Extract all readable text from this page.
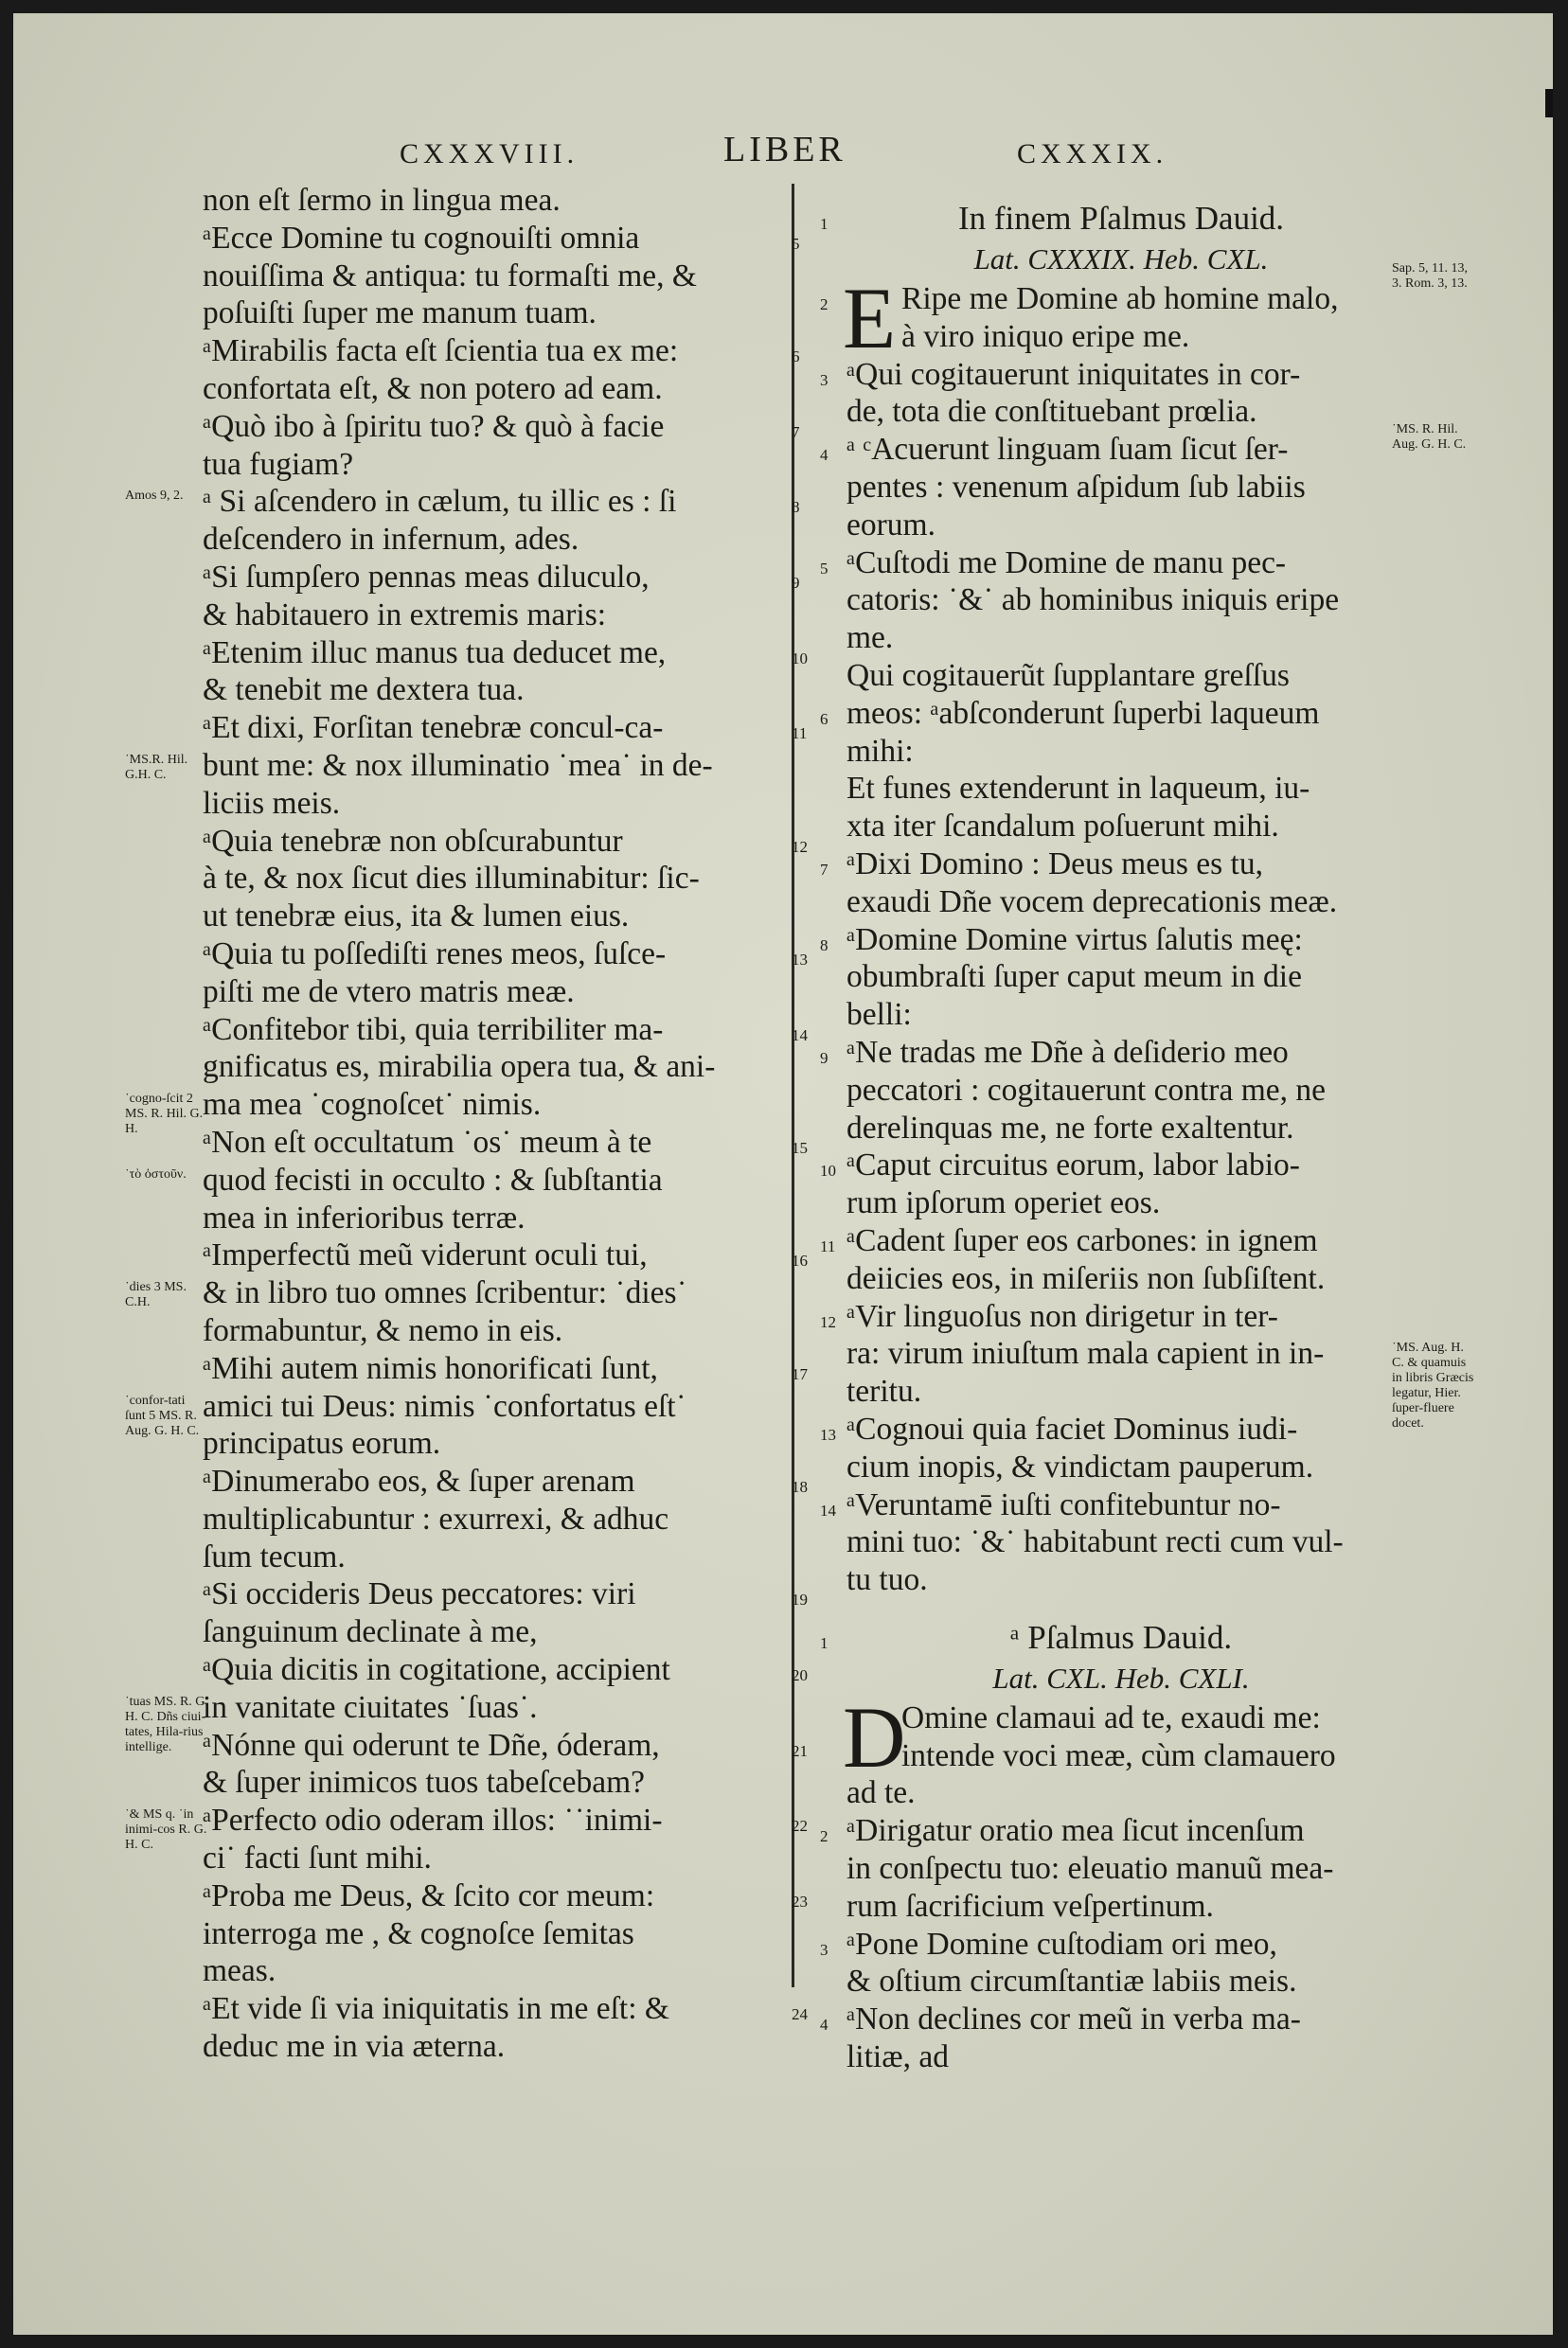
CXXXVIII.	LIBER	CXXXIX.
non eſt ſermo in lingua mea.
ᵃEcce Domine tu cognouiſti omnia	5
nouiſſima & antiqua: tu formaſti me, &
poſuiſti ſuper me manum tuam.
ᵃMirabilis facta eſt ſcientia tua ex me:	6
confortata eſt, & non potero ad eam.
ᵃQuò ibo à ſpiritu tuo? & quò à facie	7
tua fugiam?
ᵃ Si aſcendero in cælum, tu illic es : ſi	8
deſcendero in infernum, ades.
ᵃSi ſumpſero pennas meas diluculo,	9
& habitauero in extremis maris:
ᵃEtenim illuc manus tua deducet me,	10
& tenebit me dextera tua.
ᵃEt dixi, Forſitan tenebræ concul-ca-	11
bunt me: & nox illuminatio ˙mea˙ in de-
liciis meis.
ᵃQuia tenebræ non obſcurabuntur	12
à te, & nox ſicut dies illuminabitur: ſic-
ut tenebræ eius, ita & lumen eius.
ᵃQuia tu poſſediſti renes meos, ſuſce-	13
piſti me de vtero matris meæ.
ᵃConfitebor tibi, quia terribiliter ma-	14
gnificatus es, mirabilia opera tua, & ani-
ma mea ˙cognoſcet˙ nimis.
ᵃNon eſt occultatum ˙os˙ meum à te	15
quod fecisti in occulto : & ſubſtantia
mea in inferioribus terræ.
ᵃImperfectũ meũ viderunt oculi tui,	16
& in libro tuo omnes ſcribentur: ˙dies˙
formabuntur, & nemo in eis.
ᵃMihi autem nimis honorificati ſunt,	17
amici tui Deus: nimis ˙confortatus eſt˙
principatus eorum.
ᵃDinumerabo eos, & ſuper arenam	18
multiplicabuntur : exurrexi, & adhuc
ſum tecum.
ᵃSi occideris Deus peccatores: viri	19
ſanguinum declinate à me,
ᵃQuia dicitis in cogitatione, accipient	20
in vanitate ciuitates ˙ſuas˙.
ᵃNónne qui oderunt te Dñe, óderam,	21
& ſuper inimicos tuos tabeſcebam?
ᵃPerfecto odio oderam illos: ˙˙inimi-	22
ci˙ facti ſunt mihi.
ᵃProba me Deus, & ſcito cor meum:	23
interroga me , & cognoſce ſemitas
meas.
ᵃEt vide ſi via iniquitatis in me eſt: &	24
deduc me in via æterna.
Amos 9, 2.
˙MS.R. Hil. G.H. C.
˙cogno-ſcit 2 MS. R. Hil. G. H.
˙τὸ ὀστοῦν.
˙dies 3 MS. C.H.
˙confor-tati ſunt 5 MS. R. Aug. G. H. C.
˙tuas MS. R. G. H. C. Dñs ciui-tates, Hila-rius intellige.
˙& MS q. ˙in inimi-cos R. G. H. C.
In finem Pſalmus Dauid.
1
Lat. CXXXIX. Heb. CXL.
E Ripe me Domine ab homine malo,
2
à viro iniquo eripe me.
ᵃQui cogitauerunt iniquitates in cor-
3
de, tota die conſtituebant prœlia.
ᵃ ᶜAcuerunt linguam ſuam ſicut ſer-
4
pentes : venenum aſpidum ſub labiis
eorum.
ᵃCuſtodi me Domine de manu pec-
5
catoris: ˙&˙ ab hominibus iniquis eripe
me.
Qui cogitauerũt ſupplantare greſſus
meos: ᵃabſconderunt ſuperbi laqueum
6
mihi:
Et funes extenderunt in laqueum, iu-
xta iter ſcandalum poſuerunt mihi.
ᵃDixi Domino : Deus meus es tu,
7
exaudi Dñe vocem deprecationis meæ.
ᵃDomine Domine virtus ſalutis meę:
8
obumbraſti ſuper caput meum in die
belli:
ᵃNe tradas me Dñe à deſiderio meo
9
peccatori : cogitauerunt contra me, ne
derelinquas me, ne forte exaltentur.
ᵃCaput circuitus eorum, labor labio-
10
rum ipſorum operiet eos.
ᵃCadent ſuper eos carbones: in ignem
11
deiicies eos, in miſeriis non ſubſiſtent.
ᵃVir linguoſus non dirigetur in ter-
12
ra: virum iniuſtum mala capient in in-
teritu.
ᵃCognoui quia faciet Dominus iudi-
13
cium inopis, & vindictam pauperum.
ᵃVeruntamē iuſti confitebuntur no-
14
mini tuo: ˙&˙ habitabunt recti cum vul-
tu tuo.
ᵃ Pſalmus Dauid.
1
Lat. CXL. Heb. CXLI.
D
Omine clamaui ad te, exaudi me:
intende voci meæ, cùm clamauero
ad te.
ᵃDirigatur oratio mea ſicut incenſum
2
in conſpectu tuo: eleuatio manuũ mea-
rum ſacrificium veſpertinum.
ᵃPone Domine cuſtodiam ori meo,
3
& oſtium circumſtantiæ labiis meis.
ᵃNon declines cor meũ in verba ma-
4
litiæ, ad
Sap. 5, 11. 13, 3. Rom. 3, 13.
˙MS. R. Hil. Aug. G. H. C.
˙MS. Aug. H. C. & quamuis in libris Græcis legatur, Hier. ſuper-fluere docet.
